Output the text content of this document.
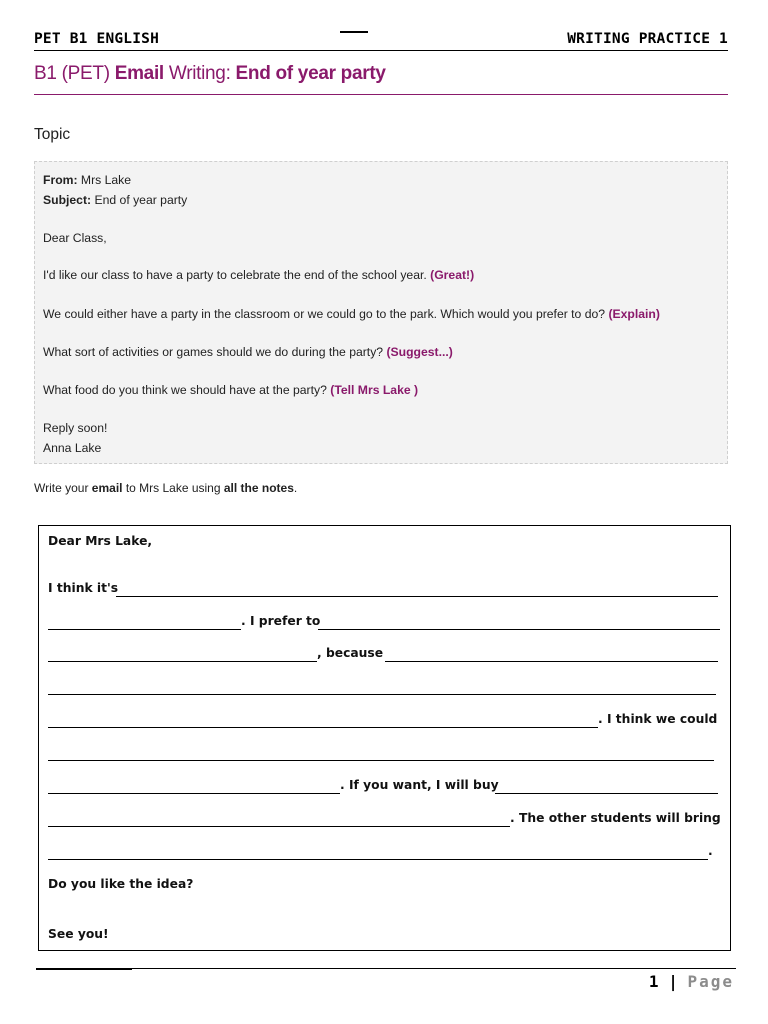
PET B1 ENGLISH	WRITING PRACTICE 1
B1 (PET) Email Writing: End of year party
Topic
From: Mrs Lake
Subject: End of year party
Dear Class,
I'd like our class to have a party to celebrate the end of the school year. (Great!)
We could either have a party in the classroom or we could go to the park. Which would you prefer to do? (Explain)
What sort of activities or games should we do during the party? (Suggest...)
What food do you think we should have at the party? (Tell Mrs Lake )
Reply soon!
Anna Lake
Write your email to Mrs Lake using all the notes.
Dear Mrs Lake,
I think it's
. I prefer to
, because
. I think we could
. If you want, I will buy
. The other students will bring
.
Do you like the idea?
See you!
1 | Page
